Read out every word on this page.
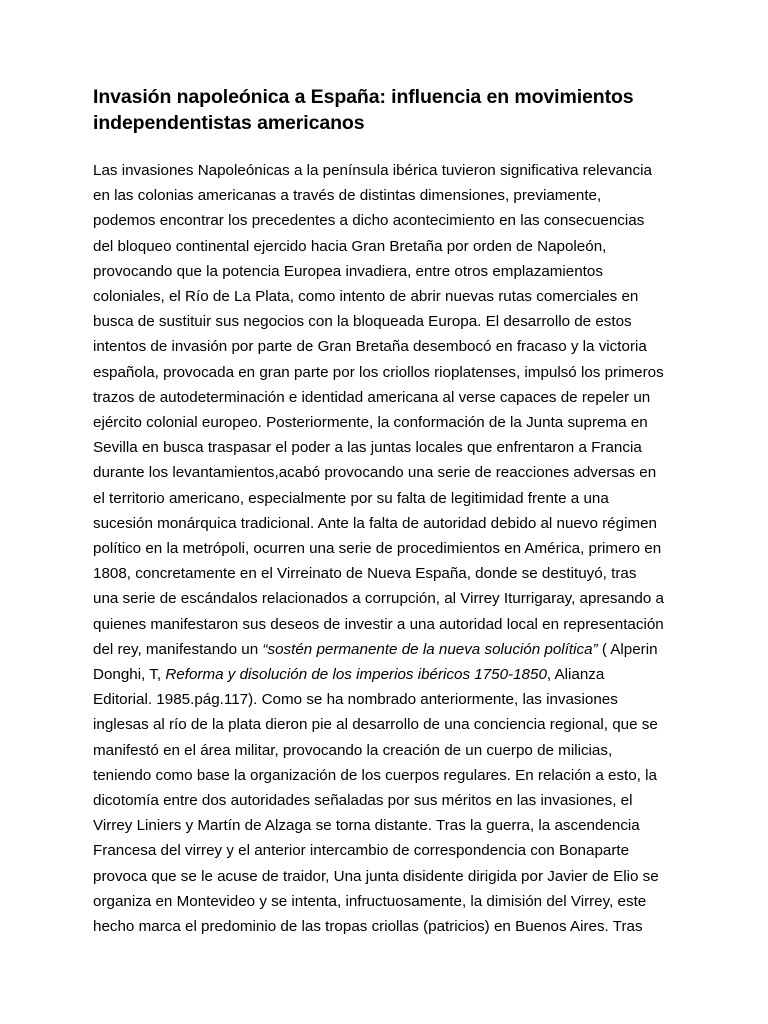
Invasión napoleónica a España: influencia en movimientos
independentistas americanos

Las invasiones Napoleónicas a la península ibérica tuvieron significativa relevancia
en las colonias americanas a través de distintas dimensiones, previamente,
podemos encontrar los precedentes a dicho acontecimiento en las consecuencias
del bloqueo continental ejercido hacia Gran Bretaña por orden de Napoleón,
provocando que la potencia Europea invadiera, entre otros emplazamientos
coloniales, el Río de La Plata, como intento de abrir nuevas rutas comerciales en
busca de sustituir sus negocios con la bloqueada Europa. El desarrollo de estos
intentos de invasión por parte de Gran Bretaña desembocó en fracaso y la victoria
española, provocada en gran parte por los criollos rioplatenses, impulsó los primeros
trazos de autodeterminación e identidad americana al verse capaces de repeler un
ejército colonial europeo. Posteriormente, la conformación de la Junta suprema en
Sevilla en busca traspasar el poder a las juntas locales que enfrentaron a Francia
durante los levantamientos,acabó provocando una serie de reacciones adversas en
el territorio americano, especialmente por su falta de legitimidad frente a una
sucesión monárquica tradicional. Ante la falta de autoridad debido al nuevo régimen
político en la metrópoli, ocurren una serie de procedimientos en América, primero en
1808, concretamente en el Virreinato de Nueva España, donde se destituyó, tras
una serie de escándalos relacionados a corrupción, al Virrey Iturrigaray, apresando a
quienes manifestaron sus deseos de investir a una autoridad local en representación
del rey, manifestando un “sostén permanente de la nueva solución política” ( Alperin
Donghi, T, Reforma y disolución de los imperios ibéricos 1750-1850, Alianza
Editorial. 1985.pág.117). Como se ha nombrado anteriormente, las invasiones
inglesas al río de la plata dieron pie al desarrollo de una conciencia regional, que se
manifestó en el área militar, provocando la creación de un cuerpo de milicias,
teniendo como base la organización de los cuerpos regulares. En relación a esto, la
dicotomía entre dos autoridades señaladas por sus méritos en las invasiones, el
Virrey Liniers y Martín de Alzaga se torna distante. Tras la guerra, la ascendencia
Francesa del virrey y el anterior intercambio de correspondencia con Bonaparte
provoca que se le acuse de traidor, Una junta disidente dirigida por Javier de Elio se
organiza en Montevideo y se intenta, infructuosamente, la dimisión del Virrey, este
hecho marca el predominio de las tropas criollas (patricios) en Buenos Aires. Tras
